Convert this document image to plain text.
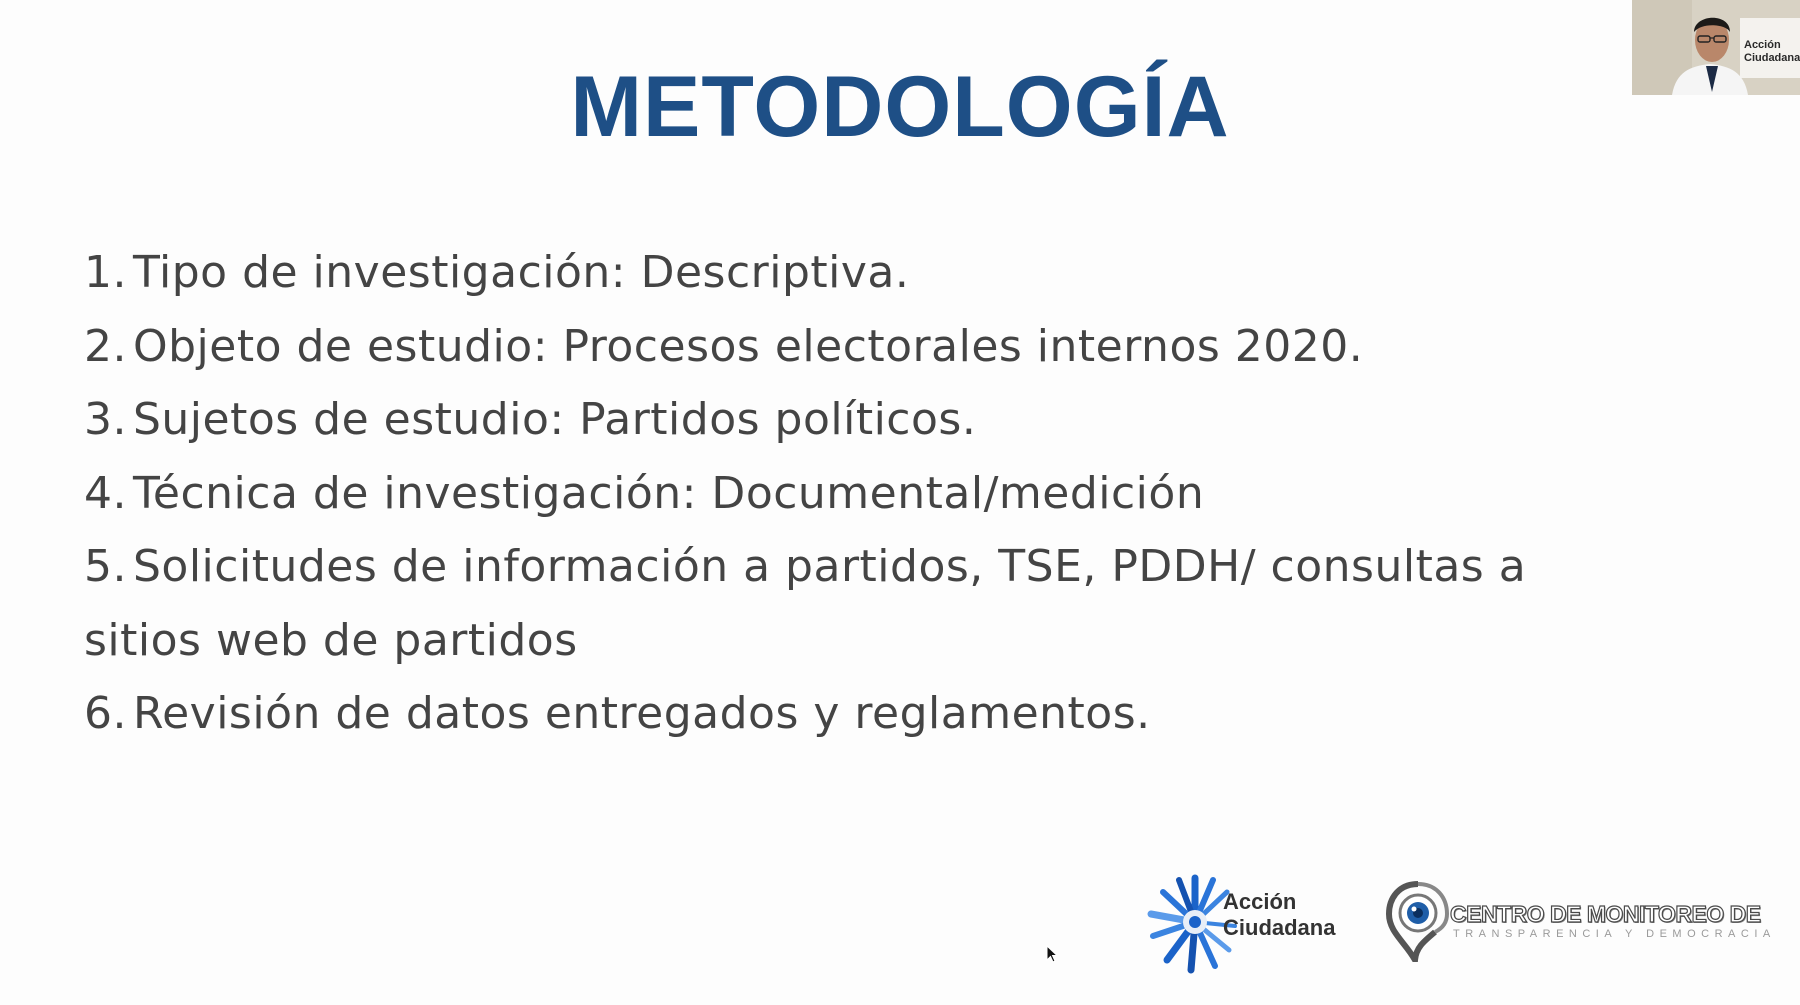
METODOLOGÍA
1. Tipo de investigación: Descriptiva.
2. Objeto de estudio: Procesos electorales internos 2020.
3. Sujetos de estudio: Partidos políticos.
4. Técnica de investigación: Documental/medición
5. Solicitudes de información a partidos, TSE, PDDH/ consultas a sitios web de partidos
6. Revisión de datos entregados y reglamentos.
Acción
Ciudadana
CENTRO DE MONITOREO DE
TRANSPARENCIA Y DEMOCRACIA
Acción
Ciudadana
